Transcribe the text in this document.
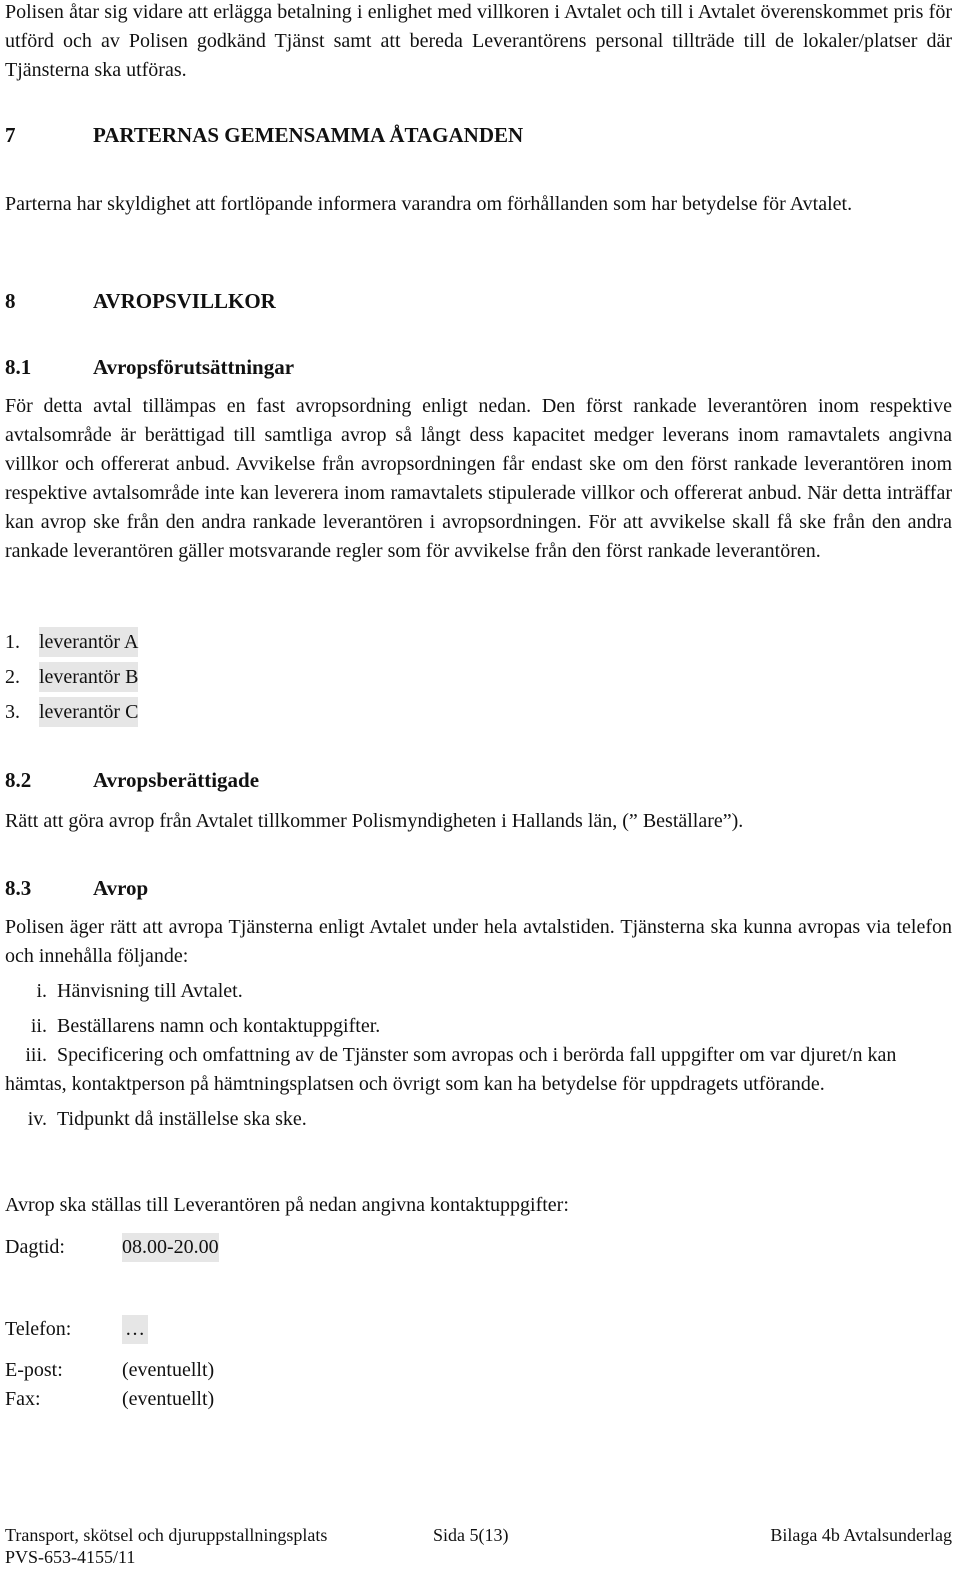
Polisen åtar sig vidare att erlägga betalning i enlighet med villkoren i Avtalet och till i Avtalet överenskommet pris för utförd och av Polisen godkänd Tjänst samt att bereda Leverantörens personal tillträde till de lokaler/platser där Tjänsterna ska utföras.

7	PARTERNAS GEMENSAMMA ÅTAGANDEN

Parterna har skyldighet att fortlöpande informera varandra om förhållanden som har betydelse för Avtalet.

8	AVROPSVILLKOR
8.1	Avropsförutsättningar

För detta avtal tillämpas en fast avropsordning enligt nedan. Den först rankade leverantören inom respektive avtalsområde är berättigad till samtliga avrop så långt dess kapacitet medger leverans inom ramavtalets angivna villkor och offererat anbud. Avvikelse från avropsordningen får endast ske om den först rankade leverantören inom respektive avtalsområde inte kan leverera inom ramavtalets stipulerade villkor och offererat anbud. När detta inträffar kan avrop ske från den andra rankade leverantören i avropsordningen. För att avvikelse skall få ske från den andra rankade leverantören gäller motsvarande regler som för avvikelse från den först rankade leverantören.

1. leverantör A
2. leverantör B
3. leverantör C
8.2	Avropsberättigade

Rätt att göra avrop från Avtalet tillkommer Polismyndigheten i Hallands län, (” Beställare”).

8.3	Avrop

Polisen äger rätt att avropa Tjänsterna enligt Avtalet under hela avtalstiden. Tjänsterna ska kunna avropas via telefon och innehålla följande:

i. Hänvisning till Avtalet.
ii. Beställarens namn och kontaktuppgifter.
iii. Specificering och omfattning av de Tjänster som avropas och i berörda fall uppgifter om var djuret/n kan hämtas, kontaktperson på hämtningsplatsen och övrigt som kan ha betydelse för uppdragets utförande.
iv. Tidpunkt då inställelse ska ske.

Avrop ska ställas till Leverantören på nedan angivna kontaktuppgifter:

Dagtid:	08.00-20.00
Telefon:	…
E-post:	(eventuellt)
Fax:	(eventuellt)
Transport, skötsel och djuruppstallningsplats	Sida 5(13)	Bilaga 4b Avtalsunderlag
PVS-653-4155/11
